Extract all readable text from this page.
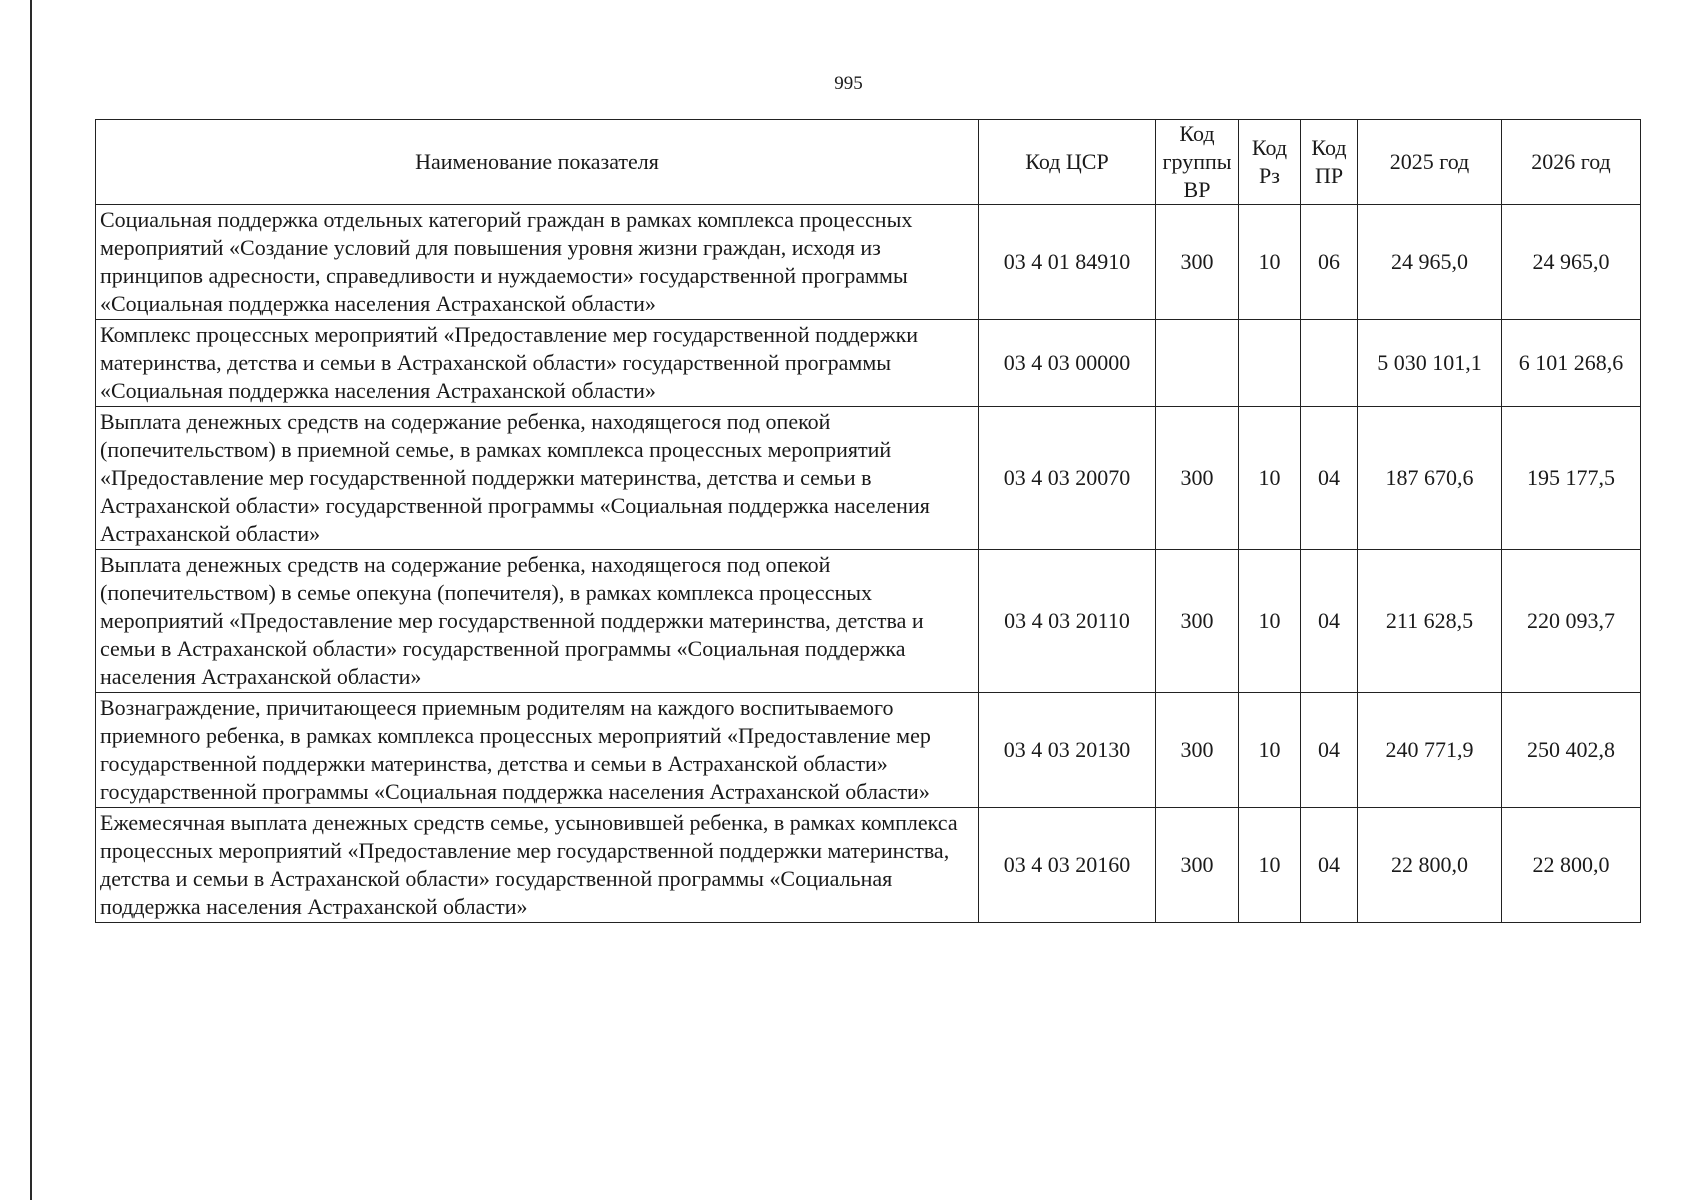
995
Наименование показателя	Код ЦСР	Код группы ВР	Код Рз	Код ПР	2025 год	2026 год
Социальная поддержка отдельных категорий граждан в рамках комплекса процессных мероприятий «Создание условий для повышения уровня жизни граждан, исходя из принципов адресности, справедливости и нуждаемости» государственной программы «Социальная поддержка населения Астраханской области»	03 4 01 84910	300	10	06	24 965,0	24 965,0
Комплекс процессных мероприятий «Предоставление мер государственной поддержки материнства, детства и семьи в Астраханской области» государственной программы «Социальная поддержка населения Астраханской области»	03 4 03 00000				5 030 101,1	6 101 268,6
Выплата денежных средств на содержание ребенка, находящегося под опекой (попечительством) в приемной семье, в рамках комплекса процессных мероприятий «Предоставление мер государственной поддержки материнства, детства и семьи в Астраханской области» государственной программы «Социальная поддержка населения Астраханской области»	03 4 03 20070	300	10	04	187 670,6	195 177,5
Выплата денежных средств на содержание ребенка, находящегося под опекой (попечительством) в семье опекуна (попечителя), в рамках комплекса процессных мероприятий «Предоставление мер государственной поддержки материнства, детства и семьи в Астраханской области» государственной программы «Социальная поддержка населения Астраханской области»	03 4 03 20110	300	10	04	211 628,5	220 093,7
Вознаграждение, причитающееся приемным родителям на каждого воспитываемого приемного ребенка, в рамках комплекса процессных мероприятий «Предоставление мер государственной поддержки материнства, детства и семьи в Астраханской области» государственной программы «Социальная поддержка населения Астраханской области»	03 4 03 20130	300	10	04	240 771,9	250 402,8
Ежемесячная выплата денежных средств семье, усыновившей ребенка, в рамках комплекса процессных мероприятий «Предоставление мер государственной поддержки материнства, детства и семьи в Астраханской области» государственной программы «Социальная поддержка населения Астраханской области»	03 4 03 20160	300	10	04	22 800,0	22 800,0
